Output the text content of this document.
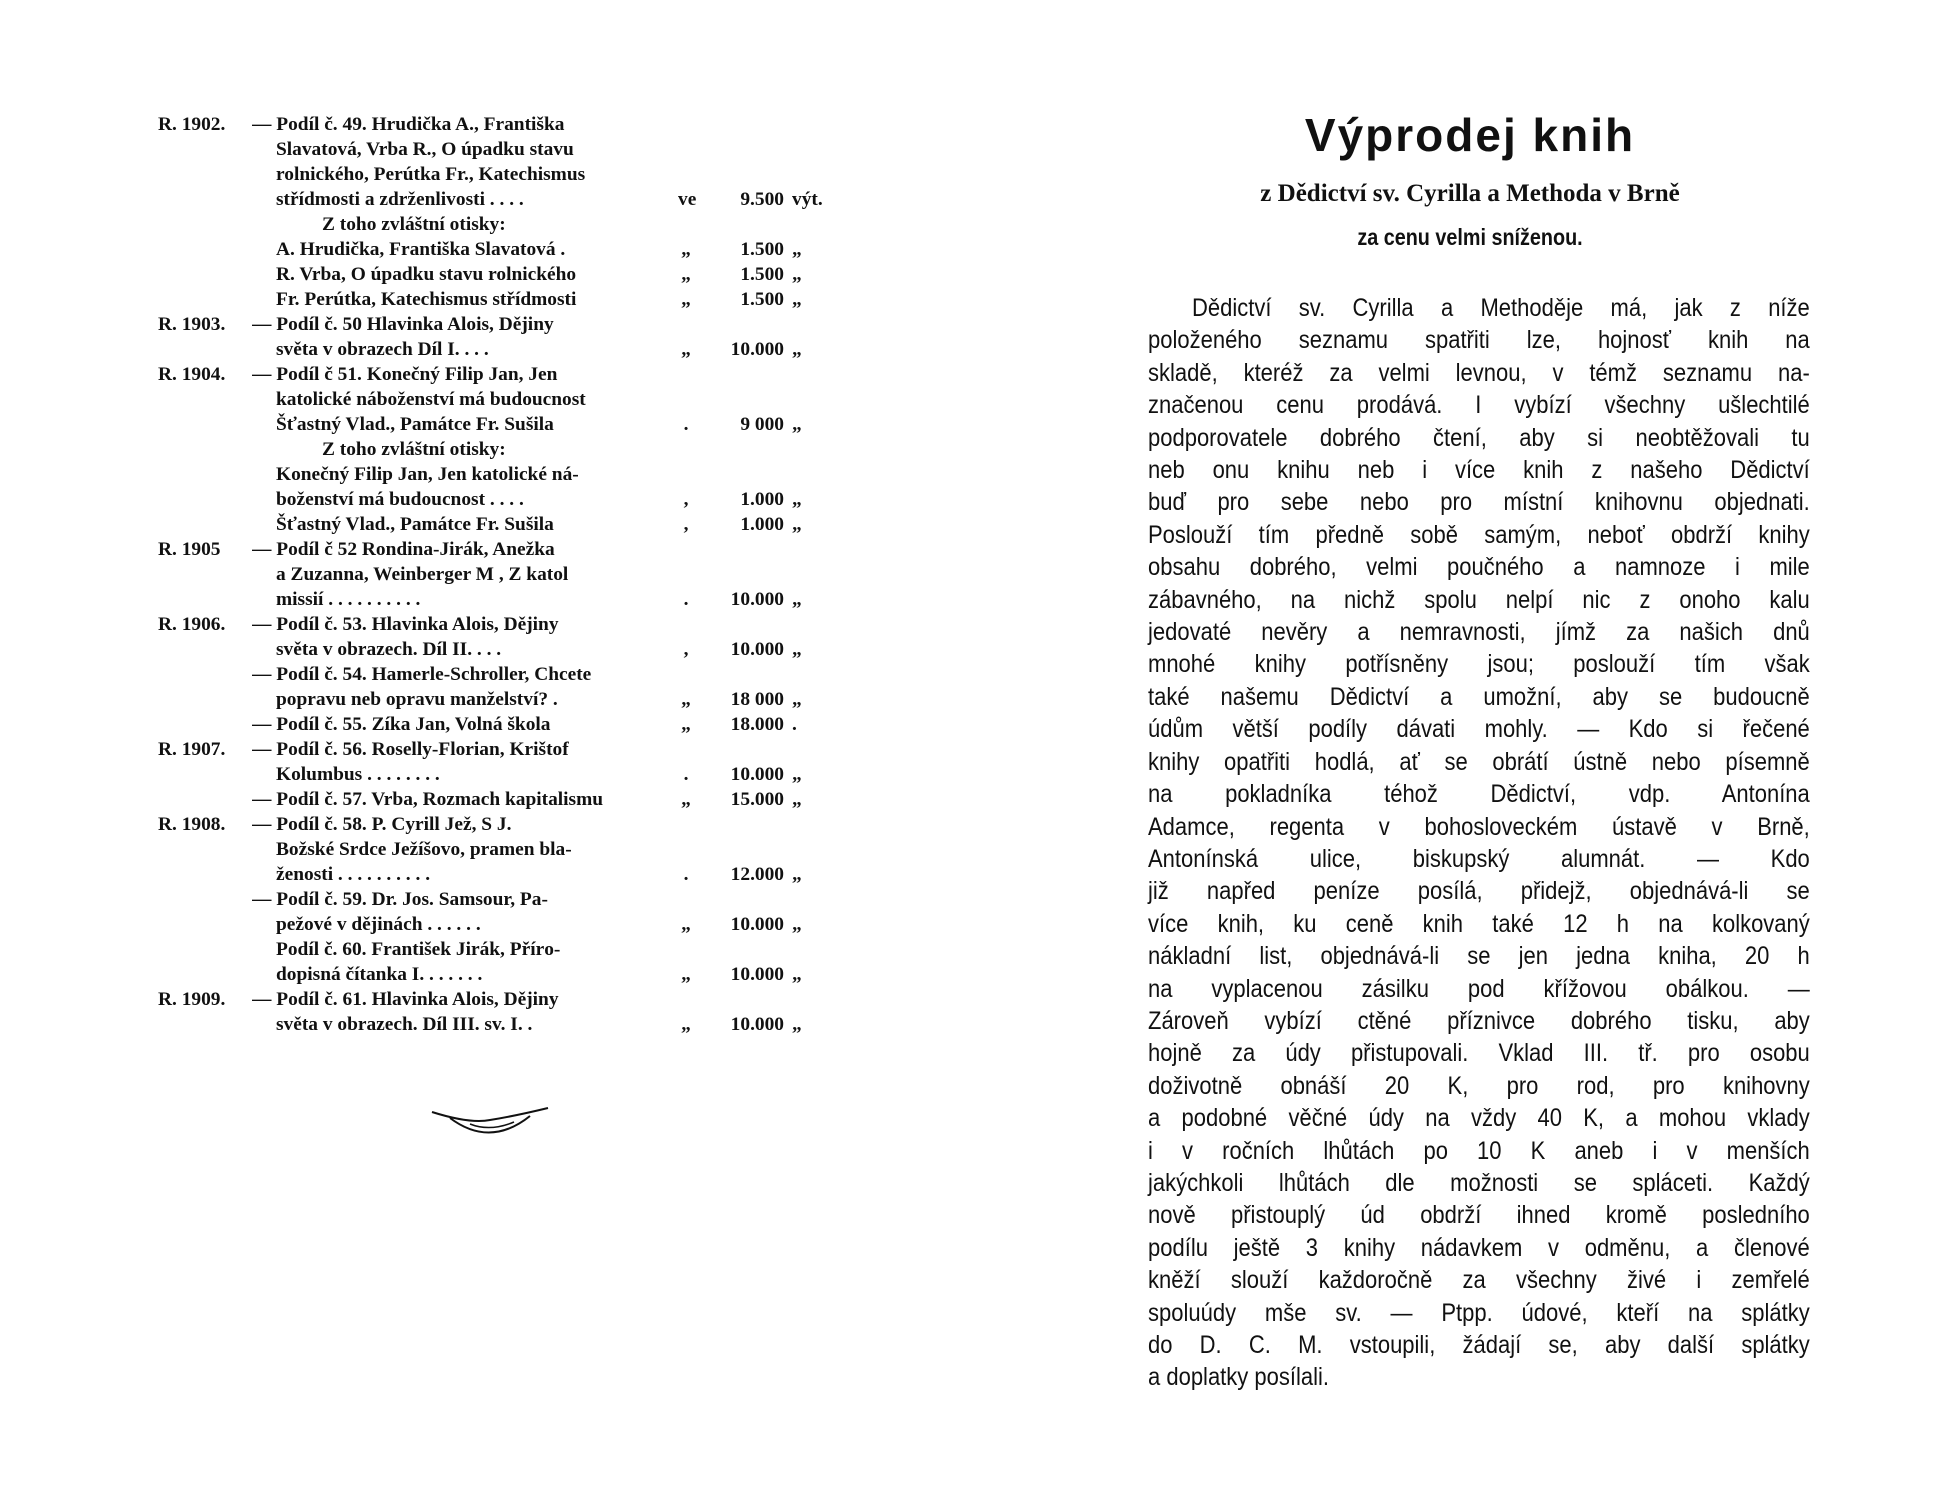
R. 1902.	— Podíl č. 49. Hrudička A., Františka
Slavatová, Vrba R., O úpadku stavu
rolnického, Perútka Fr., Katechismus
střídmosti a zdrženlivosti . . . .	ve	9.500 výt.
Z toho zvláštní otisky:
A. Hrudička, Františka Slavatová .	„	1.500 „
R. Vrba, O úpadku stavu rolnického	„	1.500 „
Fr. Perútka, Katechismus střídmosti	„	1.500 „
R. 1903.	— Podíl č. 50 Hlavinka Alois, Dějiny
světa v obrazech Díl I. . . .	„	10.000 „
R. 1904.	— Podíl č 51. Konečný Filip Jan, Jen
katolické náboženství má budoucnost
Šťastný Vlad., Památce Fr. Sušila	.	9 000 „
Z toho zvláštní otisky:
Konečný Filip Jan, Jen katolické ná-
boženství má budoucnost . . . .	,	1.000 „
Šťastný Vlad., Památce Fr. Sušila	,	1.000 „
R. 1905	— Podíl č 52 Rondina-Jirák, Anežka
a Zuzanna, Weinberger M , Z katol
missií . . . . . . . . . .	.	10.000 „
R. 1906.	— Podíl č. 53. Hlavinka Alois, Dějiny
světa v obrazech. Díl II. . . .	,	10.000 „
— Podíl č. 54. Hamerle-Schroller, Chcete
popravu neb opravu manželství? .	„	18 000 „
— Podíl č. 55. Zíka Jan, Volná škola	„	18.000 .
R. 1907.	— Podíl č. 56. Roselly-Florian, Krištof
Kolumbus . . . . . . . .	.	10.000 „
— Podíl č. 57. Vrba, Rozmach kapitalismu	„	15.000 „
R. 1908.	— Podíl č. 58. P. Cyrill Jež, S J.
Božské Srdce Ježíšovo, pramen bla-
ženosti . . . . . . . . . .	.	12.000 „
— Podíl č. 59. Dr. Jos. Samsour, Pa-
pežové v dějinách . . . . . .	„	10.000 „
Podíl č. 60. František Jirák, Přírо-
dopisná čítanka I. . . . . . .	„	10.000 „
R. 1909.	— Podíl č. 61. Hlavinka Alois, Dějiny
světa v obrazech. Díl III. sv. I. .	„	10.000 „
Výprodej knih
z Dědictví sv. Cyrilla a Methoda v Brně
za cenu velmi sníženou.
Dědictví sv. Cyrilla a Methoděje má, jak z níže
položeného seznamu spatřiti lze, hojnosť knih na
skladě, kteréž za velmi levnou, v témž seznamu na-
značenou cenu prodává. I vybízí všechny ušlechtilé
podporovatele dobrého čtení, aby si neobtěžovali tu
neb onu knihu neb i více knih z našeho Dědictví
buď pro sebe nebo pro místní knihovnu objednati.
Poslouží tím předně sobě samým, neboť obdrží knihy
obsahu dobrého, velmi poučného a namnoze i mile
zábavného, na nichž spolu nelpí nic z onoho kalu
jedovaté nevěry a nemravnosti, jímž za našich dnů
mnohé knihy potřísněny jsou; poslouží tím však
také našemu Dědictví a umožní, aby se budoucně
údům větší podíly dávati mohly. — Kdo si řečené
knihy opatřiti hodlá, ať se obrátí ústně nebo písemně
na pokladníka téhož Dědictví, vdp. Antonína
Adamce, regenta v bohosloveckém ústavě v Brně,
Antonínská ulice, biskupský alumnát. — Kdo
již napřed peníze posílá, přidejž, objednává-li se
více knih, ku ceně knih také 12 h na kolkovaný
nákladní list, objednává-li se jen jedna kniha, 20 h
na vyplacenou zásilku pod křížovou obálkou. —
Zároveň vybízí ctěné příznivce dobrého tisku, aby
hojně za údy přistupovali. Vklad III. tř. pro osobu
doživotně obnáší 20 K, pro rod, pro knihovny
a podobné věčné údy na vždy 40 K, a mohou vklady
i v ročních lhůtách po 10 K aneb i v menších
jakýchkoli lhůtách dle možnosti se spláceti. Každý
nově přistouplý úd obdrží ihned kromě posledního
podílu ještě 3 knihy nádavkem v odměnu, a členové
kněží slouží každoročně za všechny živé i zemřelé
spoluúdy mše sv. — Ptpp. údové, kteří na splátky
do D. C. M. vstoupili, žádají se, aby další splátky
a doplatky posílali.
